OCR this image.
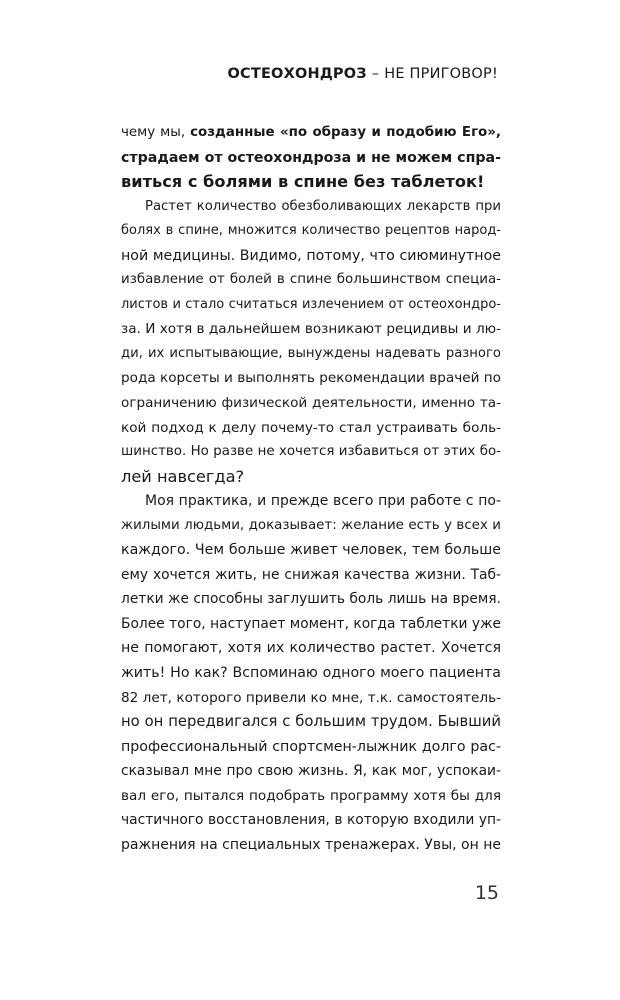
ОСТЕОХОНДРОЗ – НЕ ПРИГОВОР!
чему мы, созданные «по образу и подобию Его»,
страдаем от остеохондроза и не можем спра-
виться с болями в спине без таблеток!
Растет количество обезболивающих лекарств при
болях в спине, множится количество рецептов народ-
ной медицины. Видимо, потому, что сиюминутное
избавление от болей в спине большинством специа-
листов и стало считаться излечением от остеохондро-
за. И хотя в дальнейшем возникают рецидивы и лю-
ди, их испытывающие, вынуждены надевать разного
рода корсеты и выполнять рекомендации врачей по
ограничению физической деятельности, именно та-
кой подход к делу почему-то стал устраивать боль-
шинство. Но разве не хочется избавиться от этих бо-
лей навсегда?
Моя практика, и прежде всего при работе с по-
жилыми людьми, доказывает: желание есть у всех и
каждого. Чем больше живет человек, тем больше
ему хочется жить, не снижая качества жизни. Таб-
летки же способны заглушить боль лишь на время.
Более того, наступает момент, когда таблетки уже
не помогают, хотя их количество растет. Хочется
жить! Но как? Вспоминаю одного моего пациента
82 лет, которого привели ко мне, т.к. самостоятель-
но он передвигался с большим трудом. Бывший
профессиональный спортсмен-лыжник долго рас-
сказывал мне про свою жизнь. Я, как мог, успокаи-
вал его, пытался подобрать программу хотя бы для
частичного восстановления, в которую входили уп-
ражнения на специальных тренажерах. Увы, он не
15
